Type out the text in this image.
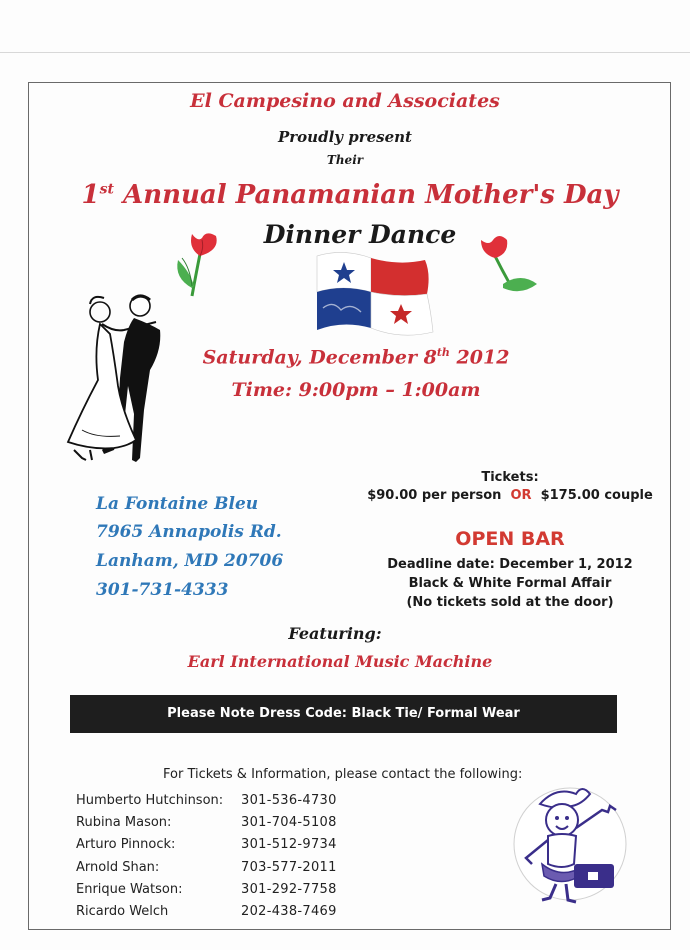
El Campesino and Associates
Proudly present
Their
1st Annual Panamanian Mother's Day
Dinner Dance
Saturday, December 8th 2012
Time: 9:00pm – 1:00am
La Fontaine Bleu
7965 Annapolis Rd.
Lanham, MD 20706
301-731-4333
Tickets:
$90.00 per person OR $175.00 couple
OPEN BAR
Deadline date: December 1, 2012
Black & White Formal Affair
(No tickets sold at the door)
Featuring:
Earl International Music Machine
Please Note Dress Code: Black Tie/ Formal Wear
For Tickets & Information, please contact the following:
Humberto Hutchinson:	301-536-4730
Rubina Mason:	301-704-5108
Arturo Pinnock:	301-512-9734
Arnold Shan:	703-577-2011
Enrique Watson:	301-292-7758
Ricardo Welch	202-438-7469
